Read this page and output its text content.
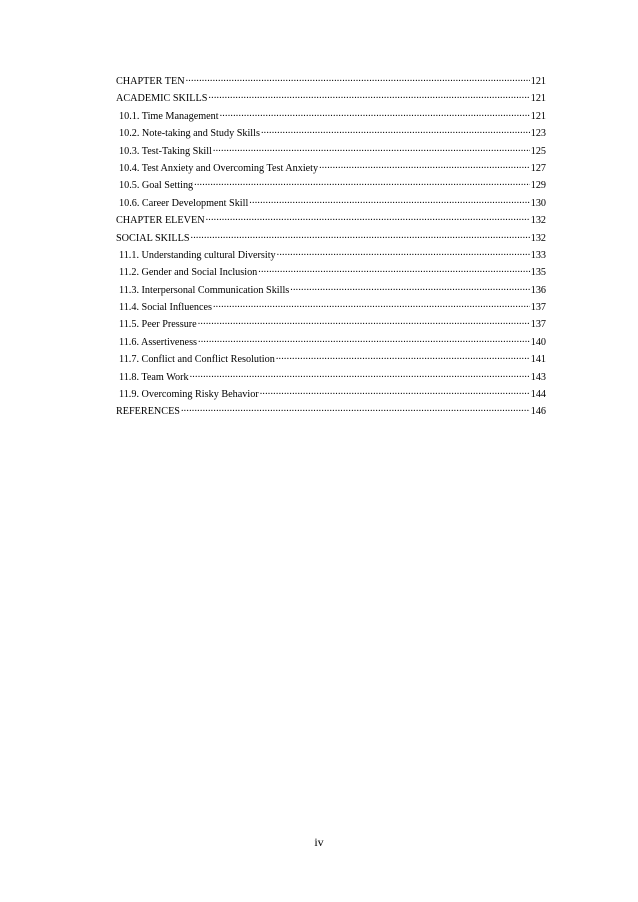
CHAPTER TEN .....	121
ACADEMIC SKILLS .....	121
10.1. Time Management .....	121
10.2. Note-taking and Study Skills .....	123
10.3. Test-Taking Skill .....	125
10.4. Test Anxiety and Overcoming Test Anxiety .....	127
10.5. Goal Setting .....	129
10.6. Career Development Skill .....	130
CHAPTER ELEVEN .....	132
SOCIAL SKILLS .....	132
11.1. Understanding cultural Diversity .....	133
11.2. Gender and Social Inclusion .....	135
11.3. Interpersonal Communication Skills .....	136
11.4. Social Influences .....	137
11.5. Peer Pressure .....	137
11.6. Assertiveness .....	140
11.7. Conflict and Conflict Resolution .....	141
11.8. Team Work .....	143
11.9. Overcoming Risky Behavior .....	144
REFERENCES .....	146
iv
